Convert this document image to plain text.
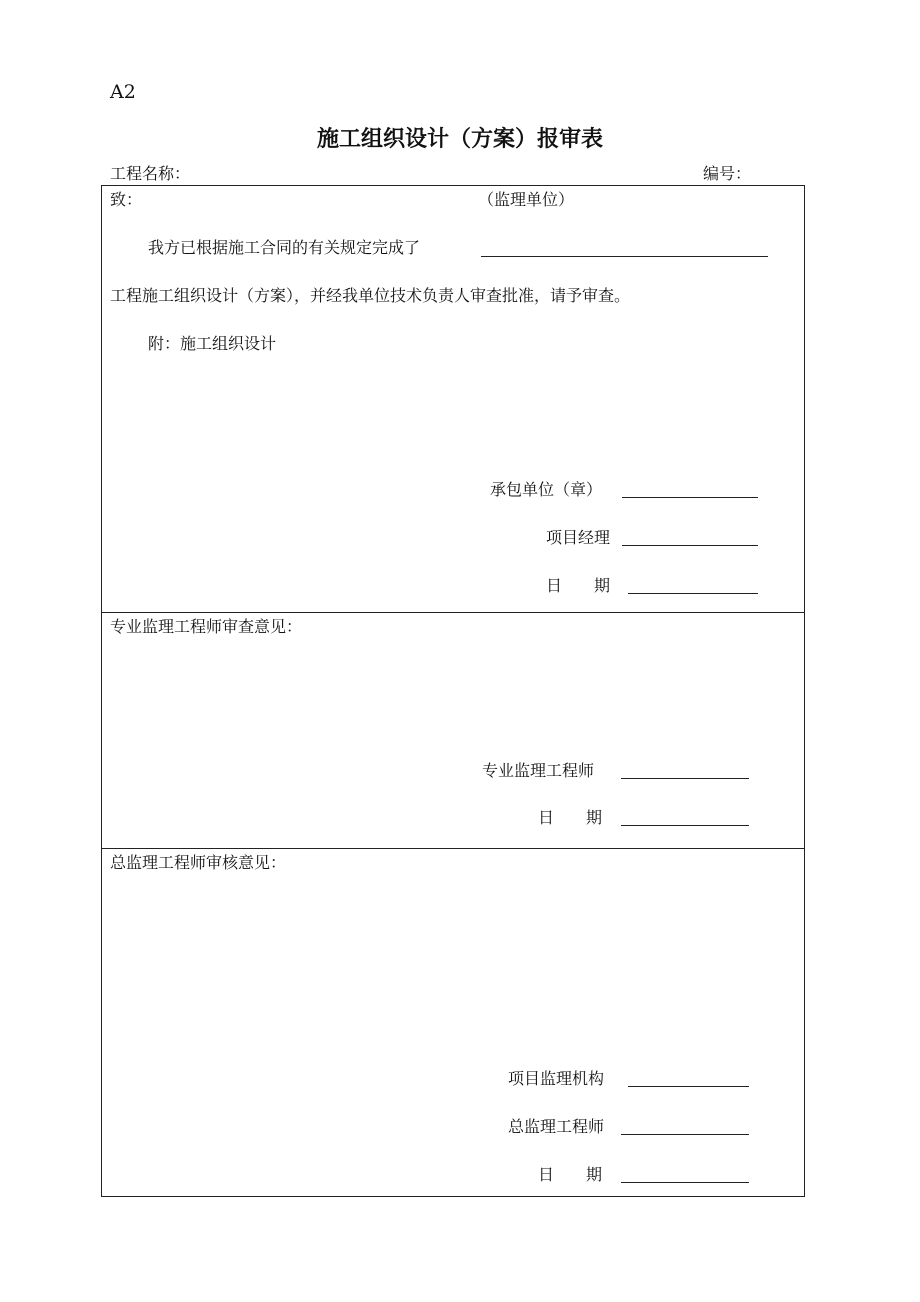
A2
施工组织设计（方案）报审表
工程名称：	编号：
致：	（监理单位）
我方已根据施工合同的有关规定完成了
工程施工组织设计（方案），并经我单位技术负责人审查批准，请予审查。
附：施工组织设计
承包单位（章）
项目经理
日　　期
专业监理工程师审查意见：
专业监理工程师
日　　期
总监理工程师审核意见：
项目监理机构
总监理工程师
日　　期
